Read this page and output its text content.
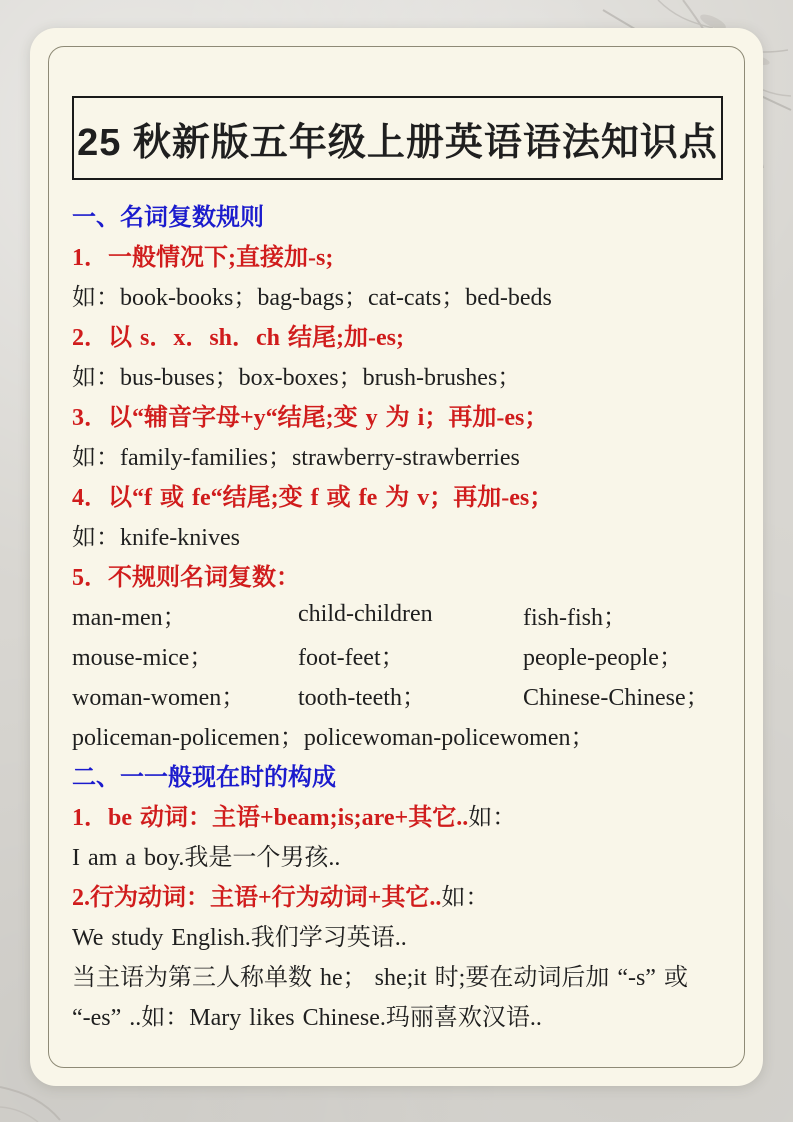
25 秋新版五年级上册英语语法知识点
一、名词复数规则
1．一般情况下;直接加-s;
如：book-books；bag-bags；cat-cats；bed-beds
2．以 s．x．sh．ch 结尾;加-es;
如：bus-buses；box-boxes；brush-brushes；
3．以“辅音字母+y“结尾;变 y 为 i；再加-es；
如：family-families；strawberry-strawberries
4．以“f 或 fe“结尾;变 f 或 fe 为 v；再加-es；
如：knife-knives
5．不规则名词复数：
man-men；	child-children	fish-fish；
mouse-mice；	foot-feet；	people-people；
woman-women；	tooth-teeth；	Chinese-Chinese；
policeman-policemen；policewoman-policewomen；
二、一一般现在时的构成
1．be 动词：主语+beam;is;are+其它.. 如：
I am a boy.我是一个男孩..
2.行为动词：主语+行为动词+其它.. 如：
We study English.我们学习英语..
当主语为第三人称单数 he； she;it 时;要在动词后加 “-s” 或
“-es” ..如：Mary likes Chinese.玛丽喜欢汉语..
